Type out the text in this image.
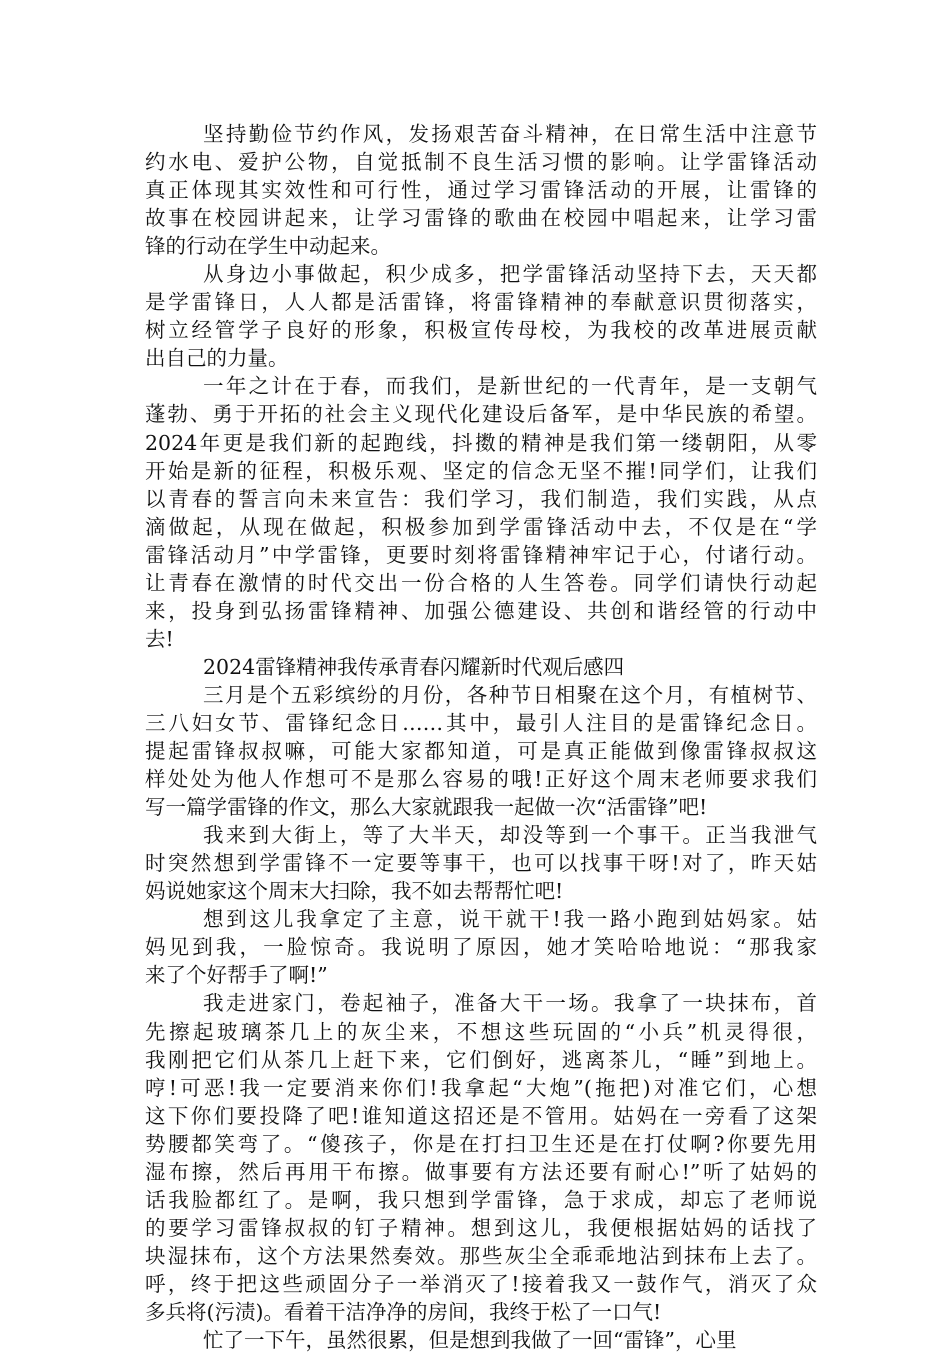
坚持勤俭节约作风，发扬艰苦奋斗精神，在日常生活中注意节
约水电、爱护公物，自觉抵制不良生活习惯的影响。让学雷锋活动
真正体现其实效性和可行性，通过学习雷锋活动的开展，让雷锋的
故事在校园讲起来，让学习雷锋的歌曲在校园中唱起来，让学习雷
锋的行动在学生中动起来。
从身边小事做起，积少成多，把学雷锋活动坚持下去，天天都
是学雷锋日，人人都是活雷锋，将雷锋精神的奉献意识贯彻落实，
树立经管学子良好的形象，积极宣传母校，为我校的改革进展贡献
出自己的力量。
一年之计在于春，而我们，是新世纪的一代青年，是一支朝气
蓬勃、勇于开拓的社会主义现代化建设后备军，是中华民族的希望。
2024年更是我们新的起跑线，抖擞的精神是我们第一缕朝阳，从零
开始是新的征程，积极乐观、坚定的信念无坚不摧!同学们，让我们
以青春的誓言向未来宣告：我们学习，我们制造，我们实践，从点
滴做起，从现在做起，积极参加到学雷锋活动中去，不仅是在“学
雷锋活动月”中学雷锋，更要时刻将雷锋精神牢记于心，付诸行动。
让青春在激情的时代交出一份合格的人生答卷。同学们请快行动起
来，投身到弘扬雷锋精神、加强公德建设、共创和谐经管的行动中
去!
2024雷锋精神我传承青春闪耀新时代观后感四
三月是个五彩缤纷的月份，各种节日相聚在这个月，有植树节、
三八妇女节、雷锋纪念日……其中，最引人注目的是雷锋纪念日。
提起雷锋叔叔嘛，可能大家都知道，可是真正能做到像雷锋叔叔这
样处处为他人作想可不是那么容易的哦!正好这个周末老师要求我们
写一篇学雷锋的作文，那么大家就跟我一起做一次“活雷锋”吧!
我来到大街上，等了大半天，却没等到一个事干。正当我泄气
时突然想到学雷锋不一定要等事干，也可以找事干呀!对了，昨天姑
妈说她家这个周末大扫除，我不如去帮帮忙吧!
想到这儿我拿定了主意，说干就干!我一路小跑到姑妈家。姑
妈见到我，一脸惊奇。我说明了原因，她才笑哈哈地说：“那我家
来了个好帮手了啊!”
我走进家门，卷起袖子，准备大干一场。我拿了一块抹布，首
先擦起玻璃茶几上的灰尘来，不想这些玩固的“小兵”机灵得很，
我刚把它们从茶几上赶下来，它们倒好，逃离茶儿，“睡”到地上。
哼!可恶!我一定要消来你们!我拿起“大炮”(拖把)对准它们，心想
这下你们要投降了吧!谁知道这招还是不管用。姑妈在一旁看了这架
势腰都笑弯了。“傻孩子，你是在打扫卫生还是在打仗啊?你要先用
湿布擦，然后再用干布擦。做事要有方法还要有耐心!”听了姑妈的
话我脸都红了。是啊，我只想到学雷锋，急于求成，却忘了老师说
的要学习雷锋叔叔的钉子精神。想到这儿，我便根据姑妈的话找了
块湿抹布，这个方法果然奏效。那些灰尘全乖乖地沾到抹布上去了。
呼，终于把这些顽固分子一举消灭了!接着我又一鼓作气，消灭了众
多兵将(污渍)。看着干洁净净的房间，我终于松了一口气!
忙了一下午，虽然很累，但是想到我做了一回“雷锋”，心里
